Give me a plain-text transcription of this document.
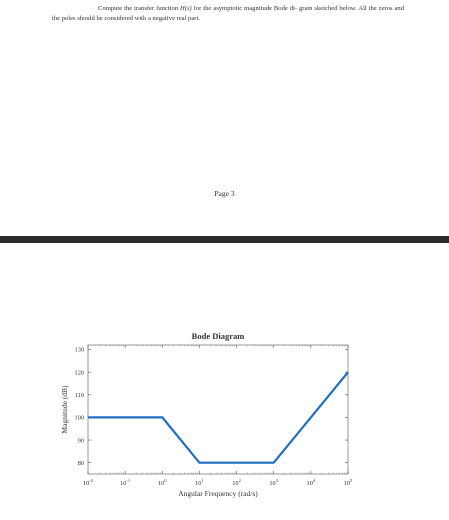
Compute the transfer function H(s) for the asymptotic magnitude Bode di- gram sketched below. All the zeros and the poles should be considered with a negative real part.

Page 3
Bode Diagram
80
90
100
110
120
130
$10^{-2}$	$10^{-1}$	$10^0$	$10^1$	$10^2$	$10^3$	$10^4$	$10^5$
Angular Frequency (rad/s)
Magnitude (dB)
